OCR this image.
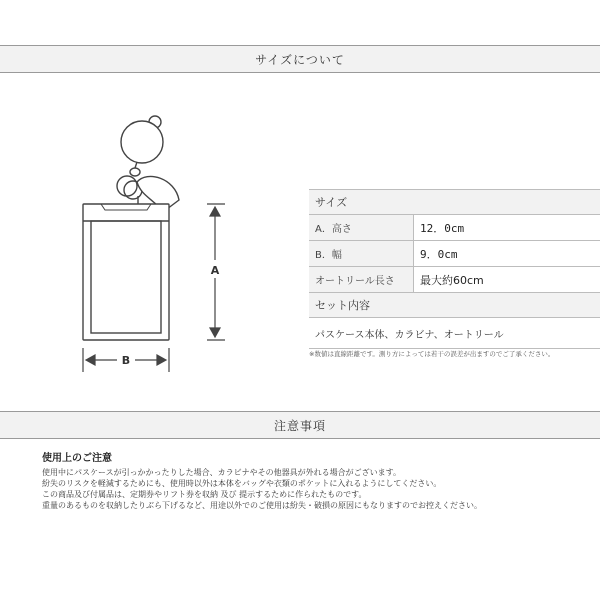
サイズについて
A
B
サイズ	
A．高さ	12．0cm
B．幅	9．0cm
オートリール長さ	最大約60cm
セット内容	
パスケース本体、カラビナ、オートリール	
※数値は直線距離です。測り方によっては若干の誤差が出ますのでご了承ください。
注意事項
使用上のご注意
使用中にパスケースが引っかかったりした場合、カラビナやその他器具が外れる場合がございます。
紛失のリスクを軽減するためにも、使用時以外は本体をバッグや衣類のポケットに入れるようにしてください。
この商品及び付属品は、定期券やリフト券を収納 及び 提示するために作られたものです。
重量のあるものを収納したりぶら下げるなど、用途以外でのご使用は紛失・破損の原因にもなりますのでお控えください。
